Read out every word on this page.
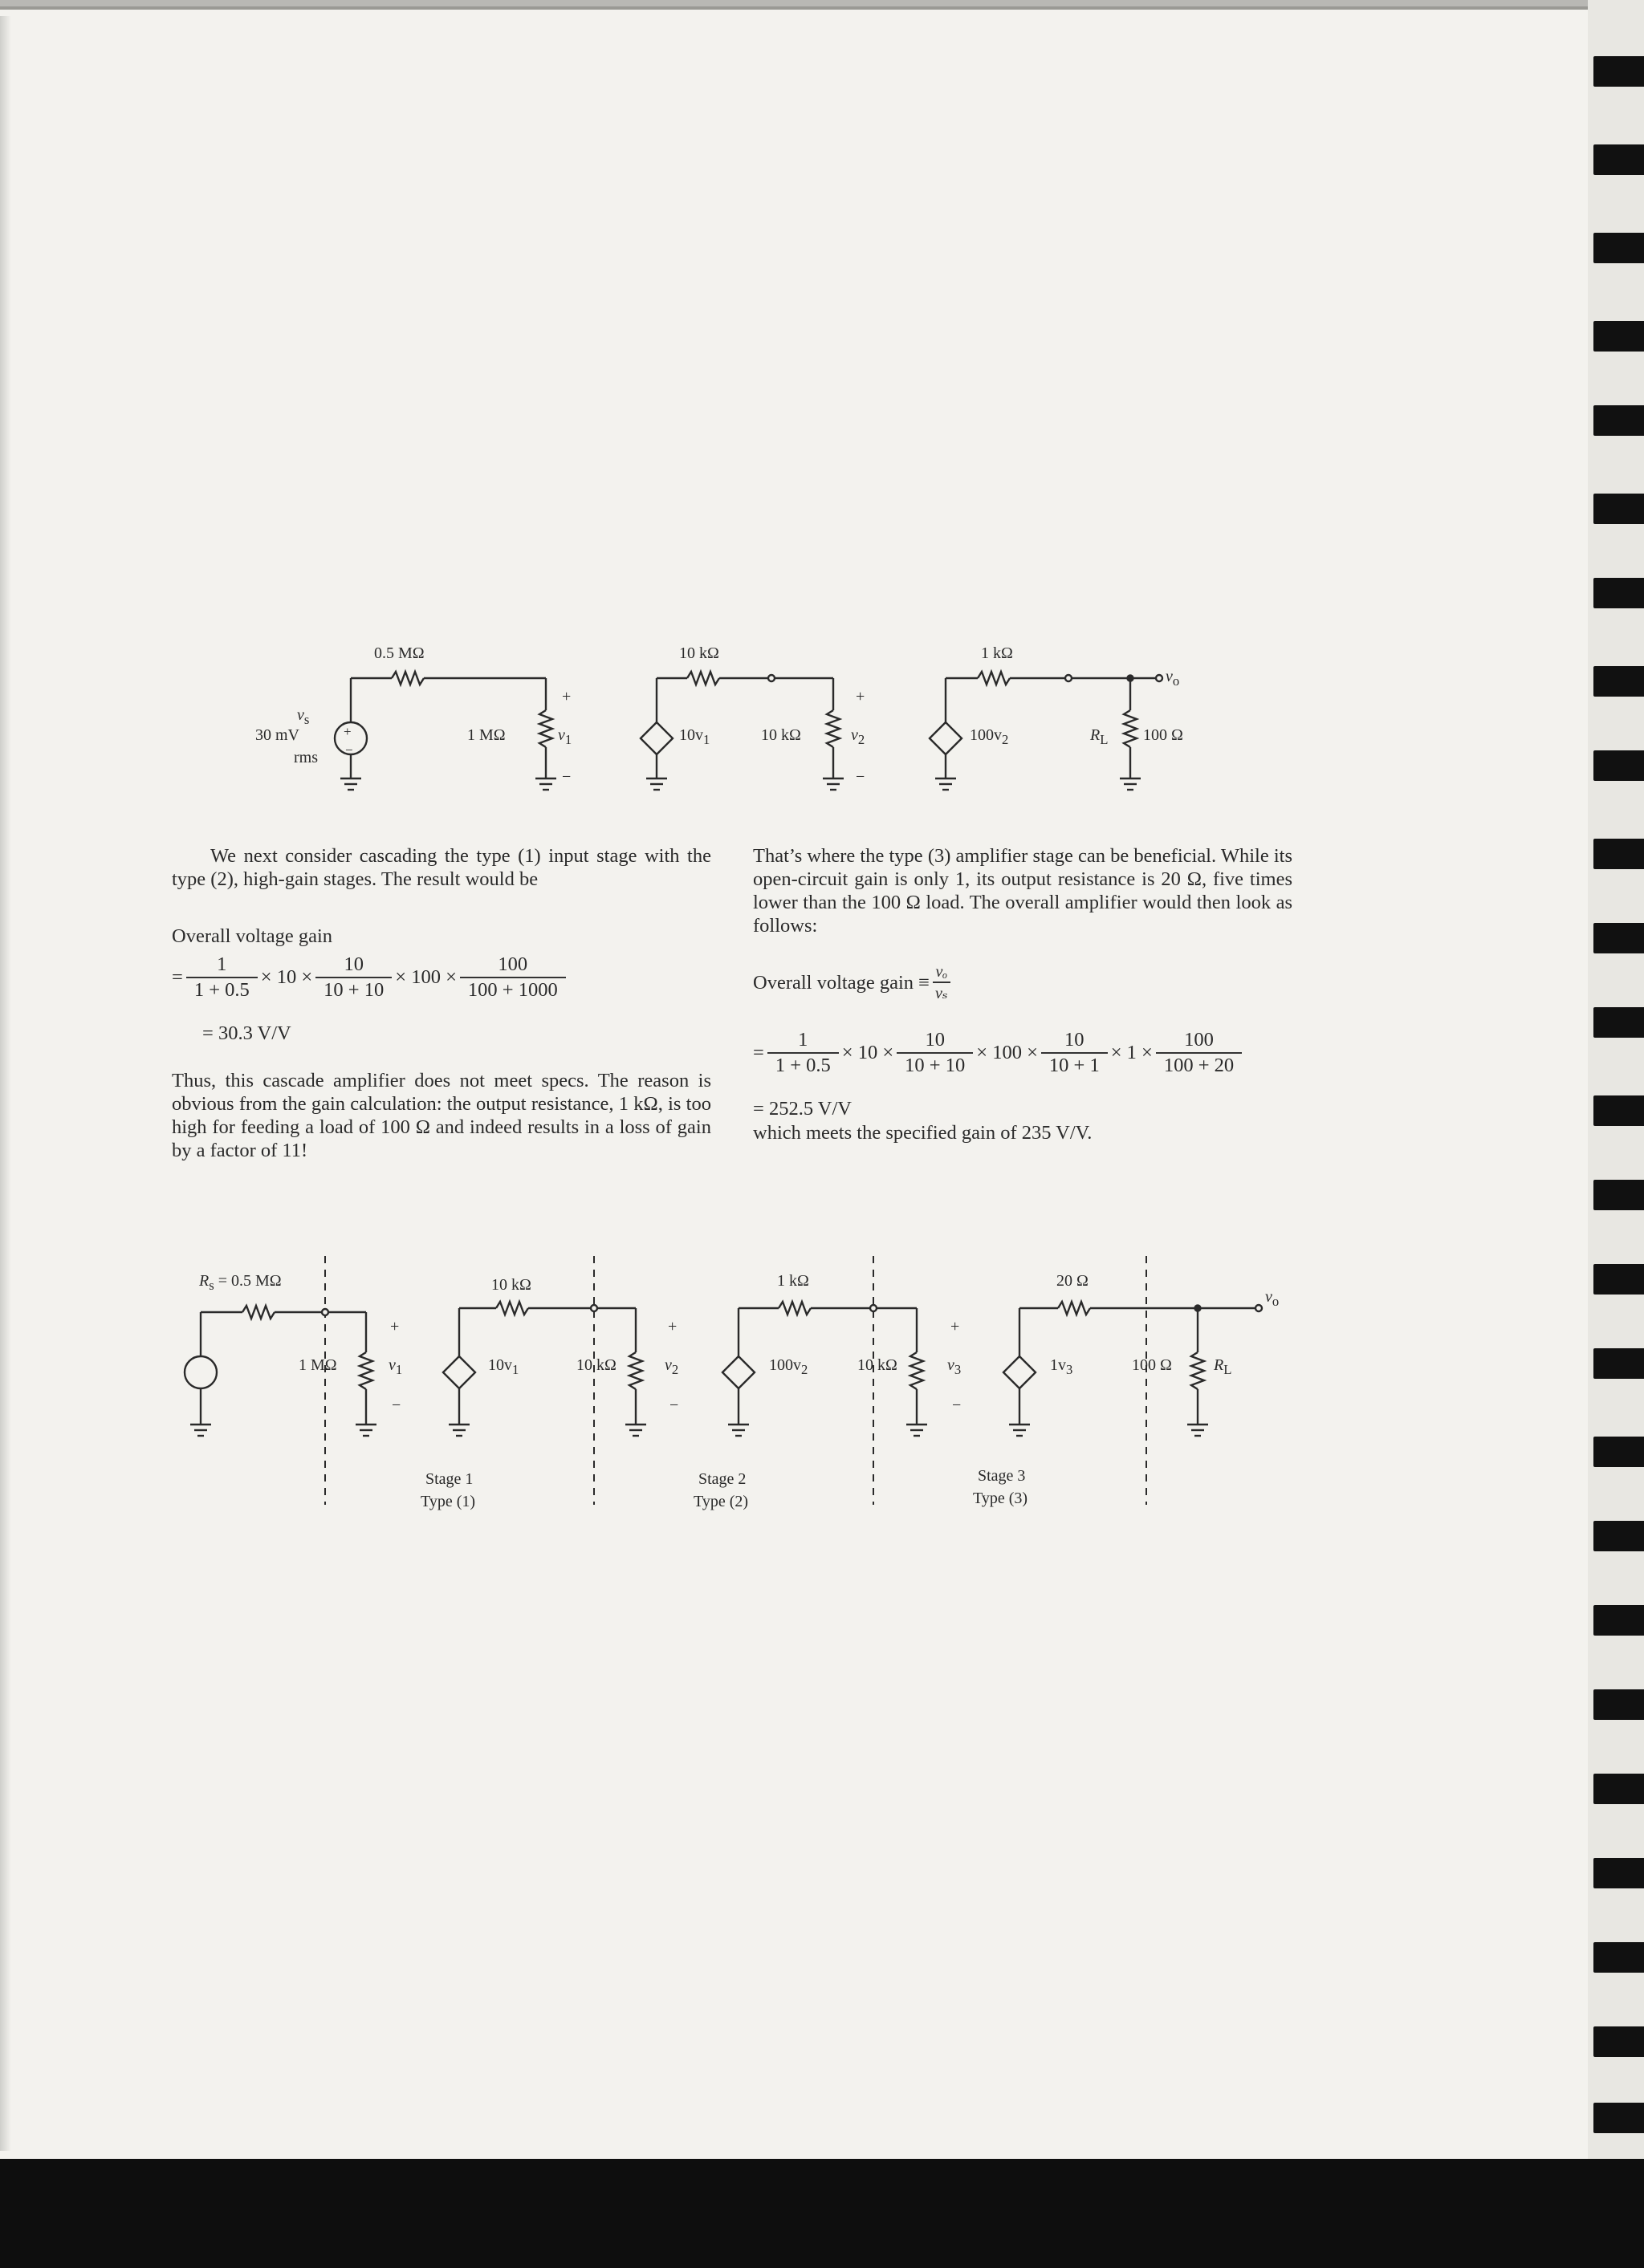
0.5 MΩ
$v_s$
30 mV
rms
+
−
1 MΩ	$v_1$
+
−
10 kΩ
$10v_1$	10 kΩ	$v_2$
+
−
1 kΩ
$100v_2$	$R_L$ 100 Ω
$v_o$
We next consider cascading the type (1) input stage with the type (2), high-gain stages. The result would be
Overall voltage gain
= $\frac{1}{1 + 0.5} \times 10 \times \frac{10}{10 + 10} \times 100 \times \frac{100}{100 + 1000}$
= 30.3 V/V
Thus, this cascade amplifier does not meet specs. The reason is obvious from the gain calculation: the output resistance, 1 kΩ, is too high for feeding a load of 100 Ω and indeed results in a loss of gain by a factor of 11!
That’s where the type (3) amplifier stage can be beneficial. While its open-circuit gain is only 1, its output resistance is 20 Ω, five times lower than the 100 Ω load. The overall amplifier would then look as follows:
Overall voltage gain ≡ $\frac{\text{vₒ}}{\text{vₛ}}$
= $\frac{1}{1 + 0.5} \times 10 \times \frac{10}{10 + 10} \times 100 \times \frac{10}{10 + 1} \times 1 \times \frac{100}{100 + 20}$
= 252.5 V/V
which meets the specified gain of 235 V/V.
$R_s = 0.5$ MΩ
1 MΩ	$v_1$
+
−
10 kΩ
$10v_1$	10 kΩ	$v_2$
+
−
1 kΩ
$100v_2$	10 kΩ	$v_3$
+
−
20 Ω
$1v_3$	100 Ω	$R_L$
$v_o$
Stage 1
Type (1)
Stage 2
Type (2)
Stage 3
Type (3)
